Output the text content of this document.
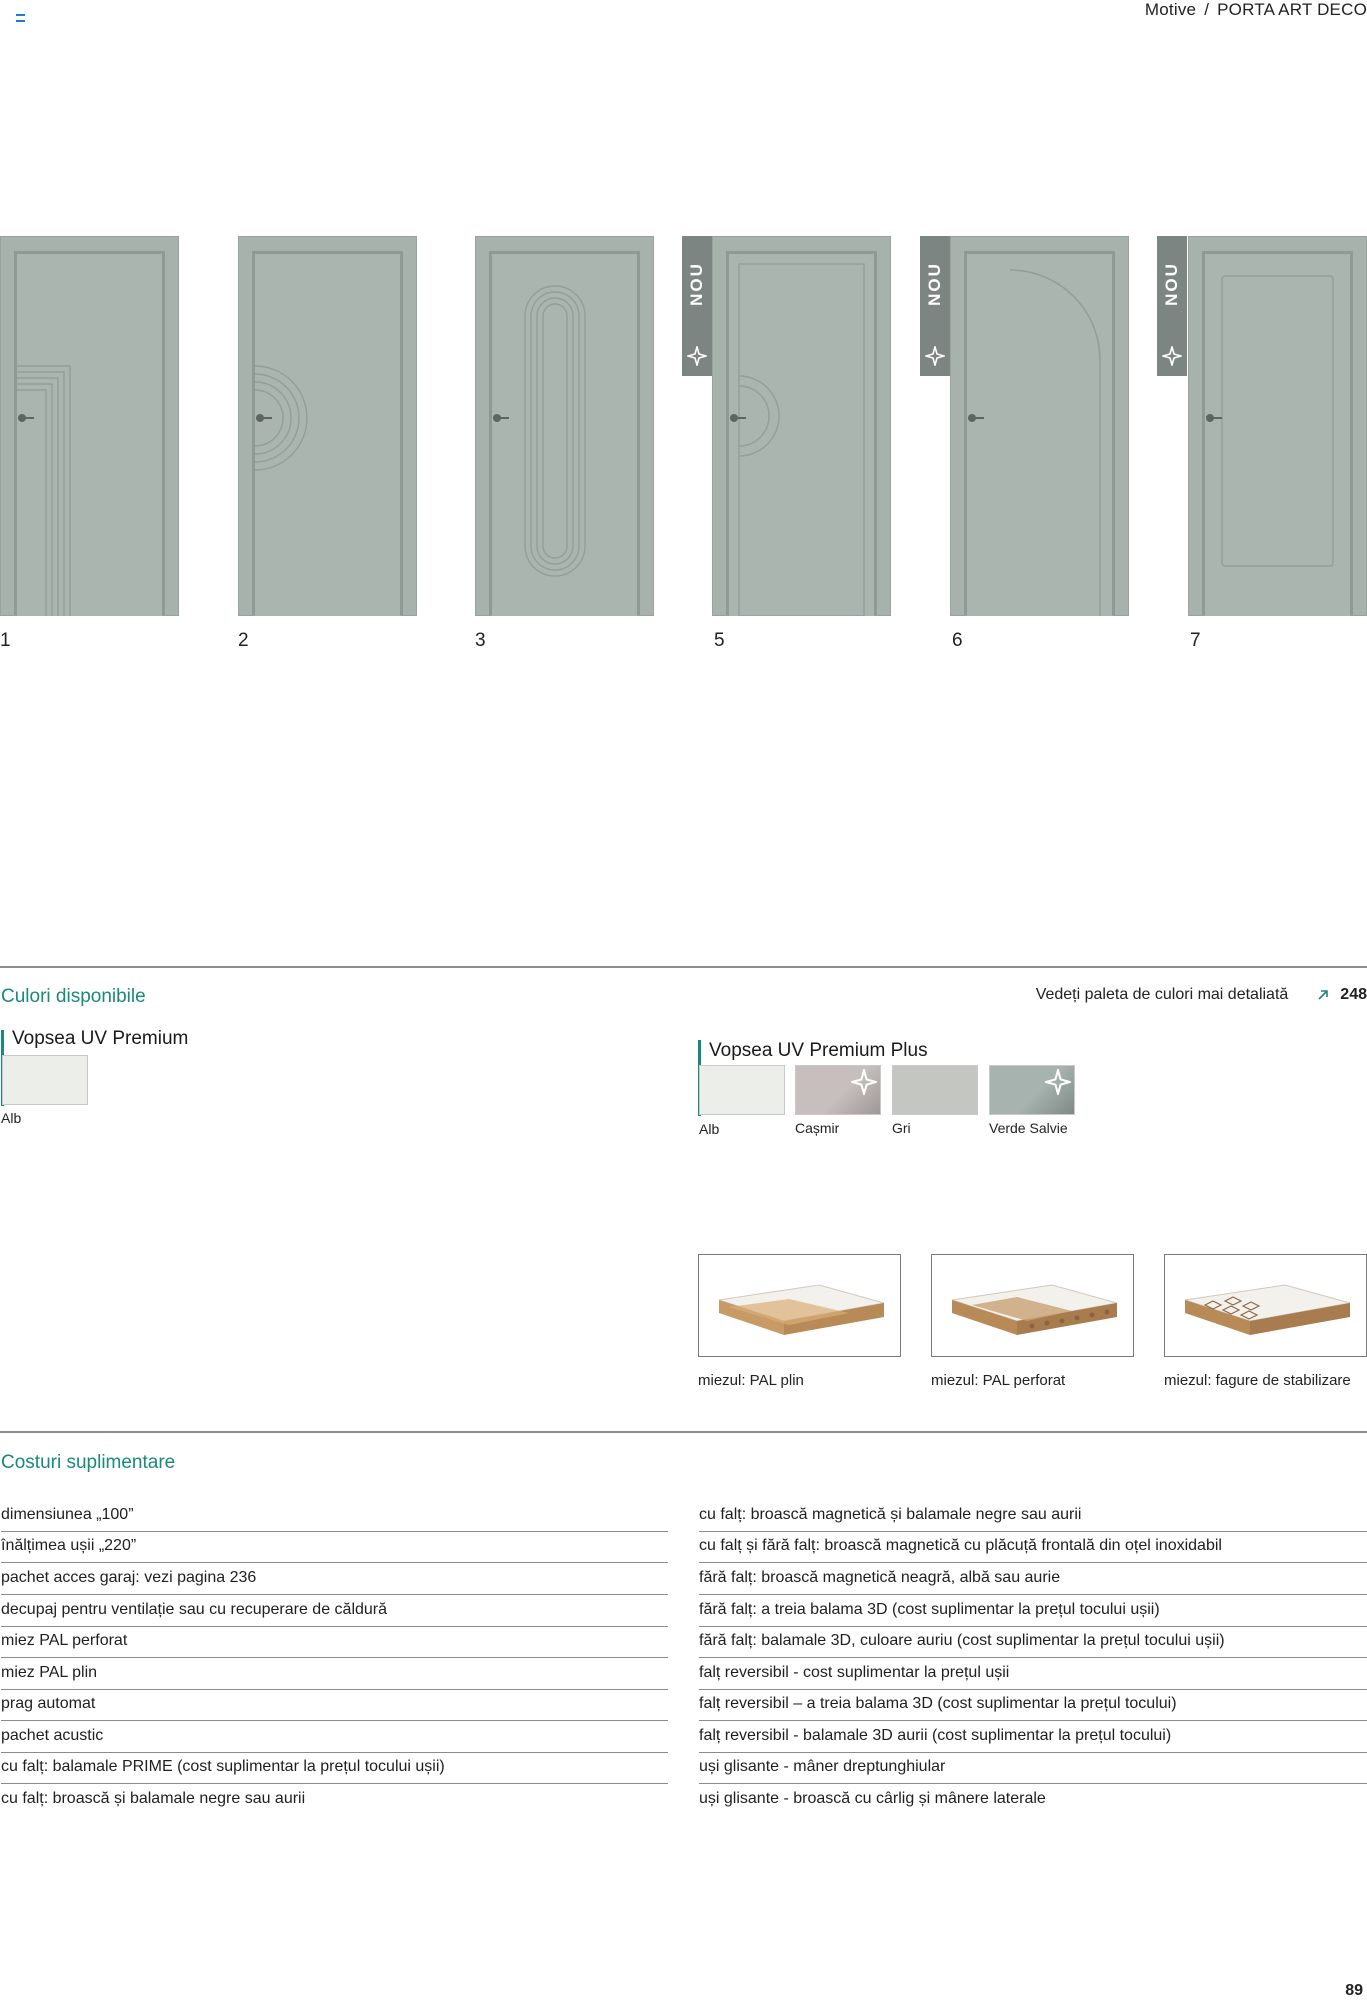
Motive / PORTA ART DECO
1	2	3
NOU
5
NOU
6
NOU
7
Culori disponibile	Vedeți paleta de culori mai detaliată	248
Vopsea UV Premium
Alb
Vopsea UV Premium Plus
Alb	Cașmir	Gri	Verde Salvie
miezul: PAL plin	miezul: PAL perforat	miezul: fagure de stabilizare
Costuri suplimentare
dimensiunea „100”
înălțimea ușii „220”
pachet acces garaj: vezi pagina 236
decupaj pentru ventilație sau cu recuperare de căldură
miez PAL perforat
miez PAL plin
prag automat
pachet acustic
cu falț: balamale PRIME (cost suplimentar la prețul tocului ușii)
cu falț: broască și balamale negre sau aurii
cu falț: broască magnetică și balamale negre sau aurii
cu falț și fără falț: broască magnetică cu plăcuță frontală din oțel inoxidabil
fără falț: broască magnetică neagră, albă sau aurie
fără falț: a treia balama 3D (cost suplimentar la prețul tocului ușii)
fără falț: balamale 3D, culoare auriu (cost suplimentar la prețul tocului ușii)
falț reversibil - cost suplimentar la prețul ușii
falț reversibil – a treia balama 3D (cost suplimentar la prețul tocului)
falț reversibil - balamale 3D aurii (cost suplimentar la prețul tocului)
uși glisante - mâner dreptunghiular
uși glisante - broască cu cârlig și mânere laterale
89
